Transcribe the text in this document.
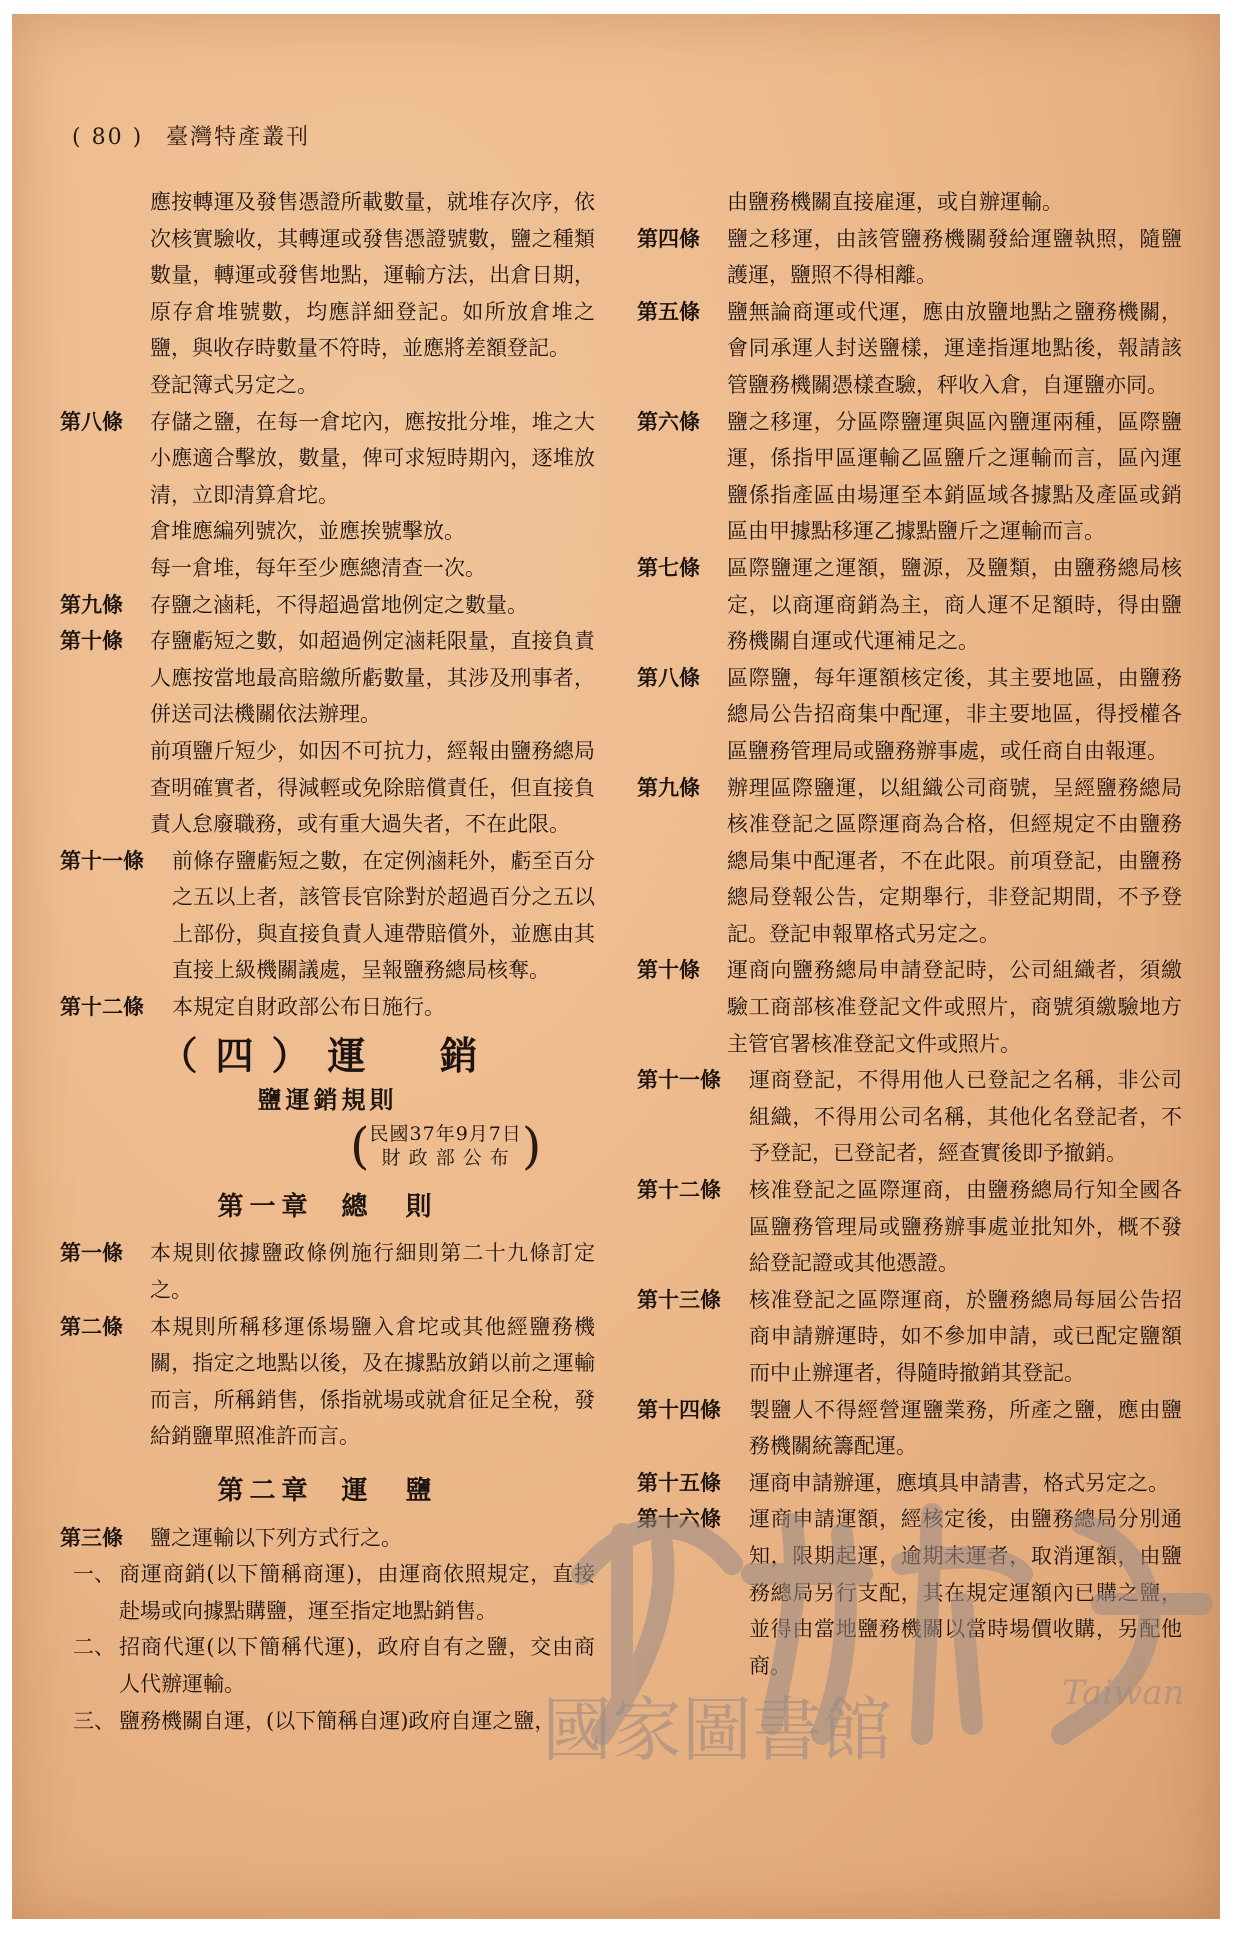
( 80 ) 臺灣特產叢刊
應按轉運及發售憑證所載數量，就堆存次序，依次核實驗收，其轉運或發售憑證號數，鹽之種類數量，轉運或發售地點，運輸方法，出倉日期，原存倉堆號數，均應詳細登記。如所放倉堆之鹽，與收存時數量不符時，並應將差額登記。
登記簿式另定之。
第八條	存儲之鹽，在每一倉坨內，應按批分堆，堆之大小應適合擊放，數量，俾可求短時期內，逐堆放清，立即清算倉坨。
倉堆應編列號次，並應挨號擊放。
每一倉堆，每年至少應總清查一次。
第九條	存鹽之滷耗，不得超過當地例定之數量。
第十條	存鹽虧短之數，如超過例定滷耗限量，直接負責人應按當地最高賠繳所虧數量，其涉及刑事者，併送司法機關依法辦理。
前項鹽斤短少，如因不可抗力，經報由鹽務總局查明確實者，得減輕或免除賠償責任，但直接負責人怠廢職務，或有重大過失者，不在此限。
第十一條	前條存鹽虧短之數，在定例滷耗外，虧至百分之五以上者，該管長官除對於超過百分之五以上部份，與直接負責人連帶賠償外，並應由其直接上級機關議處，呈報鹽務總局核奪。
第十二條	本規定自財政部公布日施行。
（四）運　銷
鹽運銷規則
( 民國37年9月7日
財 政 部 公 布 )
第一章 總　則
第一條	本規則依據鹽政條例施行細則第二十九條訂定之。
第二條	本規則所稱移運係場鹽入倉坨或其他經鹽務機關，指定之地點以後，及在據點放銷以前之運輸而言，所稱銷售，係指就場或就倉征足全稅，發給銷鹽單照准許而言。
第二章 運　鹽
第三條	鹽之運輸以下列方式行之。
一、 商運商銷(以下簡稱商運)，由運商依照規定，直接赴場或向據點購鹽，運至指定地點銷售。
二、 招商代運(以下簡稱代運)，政府自有之鹽，交由商人代辦運輸。
三、 鹽務機關自運，(以下簡稱自運)政府自運之鹽，
由鹽務機關直接雇運，或自辦運輸。
第四條	鹽之移運，由該管鹽務機關發給運鹽執照，隨鹽護運，鹽照不得相離。
第五條	鹽無論商運或代運，應由放鹽地點之鹽務機關，會同承運人封送鹽樣，運達指運地點後，報請該管鹽務機關憑樣查驗，秤收入倉，自運鹽亦同。
第六條	鹽之移運，分區際鹽運與區內鹽運兩種，區際鹽運，係指甲區運輸乙區鹽斤之運輸而言，區內運鹽係指產區由場運至本銷區域各據點及產區或銷區由甲據點移運乙據點鹽斤之運輸而言。
第七條	區際鹽運之運額，鹽源，及鹽類，由鹽務總局核定，以商運商銷為主，商人運不足額時，得由鹽務機關自運或代運補足之。
第八條	區際鹽，每年運額核定後，其主要地區，由鹽務總局公告招商集中配運，非主要地區，得授權各區鹽務管理局或鹽務辦事處，或任商自由報運。
第九條	辦理區際鹽運，以組織公司商號，呈經鹽務總局核准登記之區際運商為合格，但經規定不由鹽務總局集中配運者，不在此限。前項登記，由鹽務總局登報公告，定期舉行，非登記期間，不予登記。登記申報單格式另定之。
第十條	運商向鹽務總局申請登記時，公司組織者，須繳驗工商部核准登記文件或照片，商號須繳驗地方主管官署核准登記文件或照片。
第十一條	運商登記，不得用他人已登記之名稱，非公司組織，不得用公司名稱，其他化名登記者，不予登記，已登記者，經查實後即予撤銷。
第十二條	核准登記之區際運商，由鹽務總局行知全國各區鹽務管理局或鹽務辦事處並批知外，概不發給登記證或其他憑證。
第十三條	核准登記之區際運商，於鹽務總局每屆公告招商申請辦運時，如不參加申請，或已配定鹽額而中止辦運者，得隨時撤銷其登記。
第十四條	製鹽人不得經營運鹽業務，所產之鹽，應由鹽務機關統籌配運。
第十五條	運商申請辦運，應填具申請書，格式另定之。
第十六條	運商申請運額，經核定後，由鹽務總局分別通知，限期起運，逾期未運者，取消運額，由鹽務總局另行支配，其在規定運額內已購之鹽，並得由當地鹽務機關以當時場價收購，另配他商。
國家圖書館	Taiwan
